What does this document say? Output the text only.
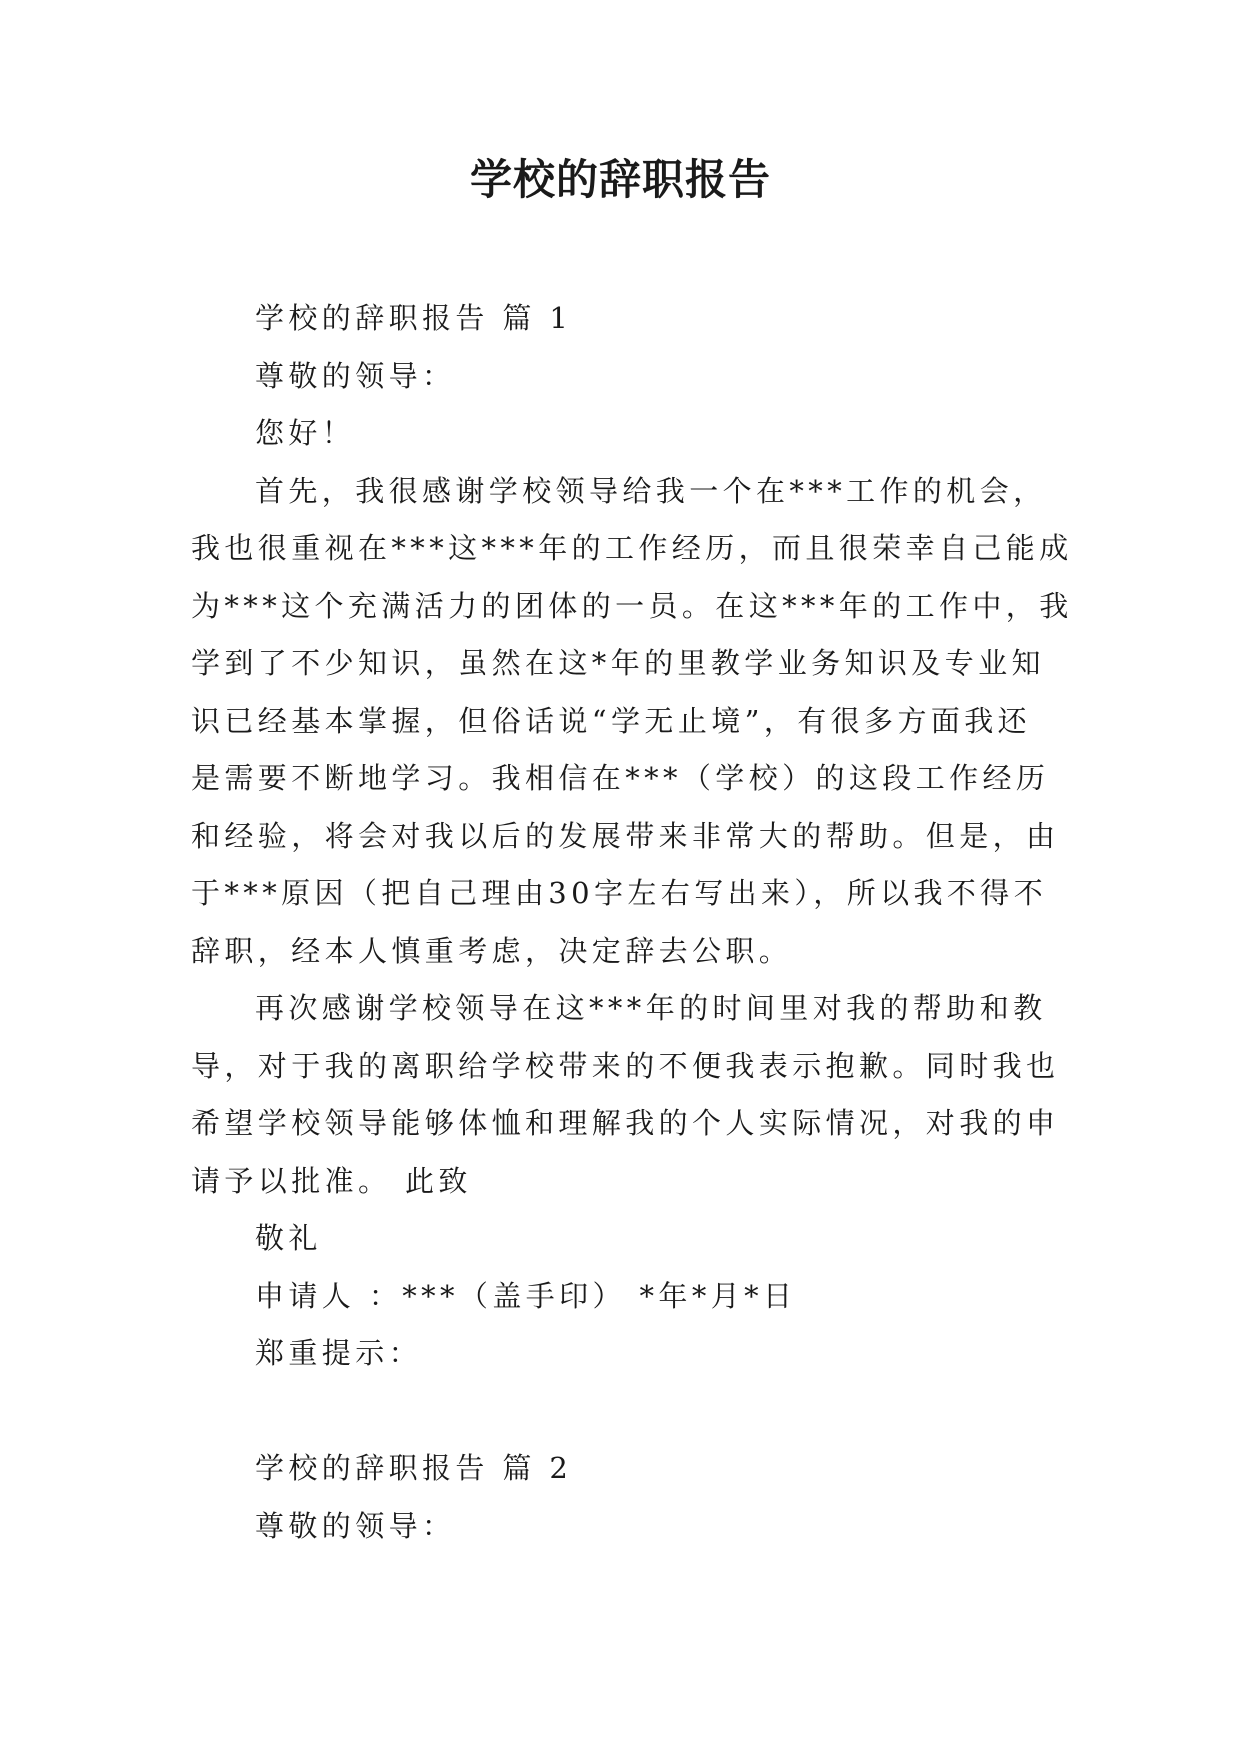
学校的辞职报告

学校的辞职报告 篇 1

尊敬的领导：

您好！

首先，我很感谢学校领导给我一个在***工作的机会，

我也很重视在***这***年的工作经历，而且很荣幸自己能成

为***这个充满活力的团体的一员。在这***年的工作中，我

学到了不少知识，虽然在这*年的里教学业务知识及专业知

识已经基本掌握，但俗话说“学无止境”，有很多方面我还

是需要不断地学习。我相信在***（学校）的这段工作经历

和经验，将会对我以后的发展带来非常大的帮助。但是，由

于***原因（把自己理由30字左右写出来），所以我不得不

辞职，经本人慎重考虑，决定辞去公职。

再次感谢学校领导在这***年的时间里对我的帮助和教

导，对于我的离职给学校带来的不便我表示抱歉。同时我也

希望学校领导能够体恤和理解我的个人实际情况，对我的申

请予以批准。 此致

敬礼

申请人 ：***（盖手印） *年*月*日

郑重提示：

学校的辞职报告 篇 2

尊敬的领导：
